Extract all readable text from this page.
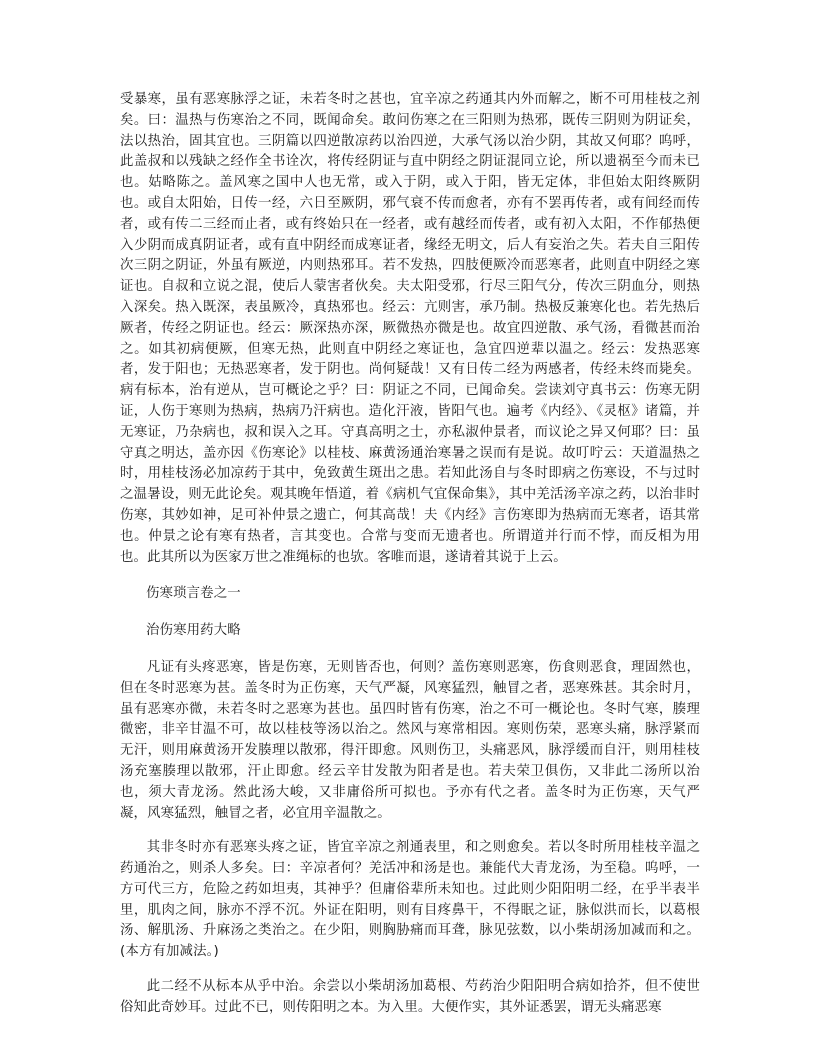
受暴寒，虽有恶寒脉浮之证，未若冬时之甚也，宜辛凉之药通其内外而解之，断不可用桂枝之剂矣。曰：温热与伤寒治之不同，既闻命矣。敢问伤寒之在三阳则为热邪，既传三阴则为阴证矣，法以热治，固其宜也。三阴篇以四逆散凉药以治四逆，大承气汤以治少阴，其故又何耶？呜呼，此盖叔和以残缺之经作全书诠次，将传经阴证与直中阴经之阴证混同立论，所以遗祸至今而未已也。姑略陈之。盖风寒之国中人也无常，或入于阴，或入于阳，皆无定体，非但始太阳终厥阴也。或自太阳始，日传一经，六日至厥阴，邪气衰不传而愈者，亦有不罢再传者，或有间经而传者，或有传二三经而止者，或有终始只在一经者，或有越经而传者，或有初入太阳，不作郁热便入少阴而成真阴证者，或有直中阴经而成寒证者，缘经无明文，后人有妄治之失。若夫自三阳传次三阴之阴证，外虽有厥逆，内则热邪耳。若不发热，四肢便厥冷而恶寒者，此则直中阴经之寒证也。自叔和立说之混，使后人蒙害者伙矣。夫太阳受邪，行尽三阳气分，传次三阴血分，则热入深矣。热入既深，表虽厥冷，真热邪也。经云：亢则害，承乃制。热极反兼寒化也。若先热后厥者，传经之阴证也。经云：厥深热亦深，厥微热亦微是也。故宜四逆散、承气汤，看微甚而治之。如其初病便厥，但寒无热，此则直中阴经之寒证也，急宜四逆辈以温之。经云：发热恶寒者，发于阳也；无热恶寒者，发于阴也。尚何疑哉！又有日传二经为两感者，传经未终而毙矣。病有标本，治有逆从，岂可概论之乎？曰：阴证之不同，已闻命矣。尝读刘守真书云：伤寒无阴证，人伤于寒则为热病，热病乃汗病也。造化汗液，皆阳气也。遍考《内经》、《灵枢》诸篇，并无寒证，乃杂病也，叔和误入之耳。守真高明之士，亦私淑仲景者，而议论之异又何耶？曰：虽守真之明达，盖亦因《伤寒论》以桂枝、麻黄汤通治寒暑之误而有是说。故叮咛云：天道温热之时，用桂枝汤必加凉药于其中，免致黄生斑出之患。若知此汤自与冬时即病之伤寒设，不与过时之温暑设，则无此论矣。观其晚年悟道，着《病机气宜保命集》，其中羌活汤辛凉之药，以治非时伤寒，其妙如神，足可补仲景之遗亡，何其高哉！夫《内经》言伤寒即为热病而无寒者，语其常也。仲景之论有寒有热者，言其变也。合常与变而无遗者也。所谓道并行而不悖，而反相为用也。此其所以为医家万世之准绳标的也欤。客唯而退，遂请着其说于上云。

伤寒琐言卷之一

治伤寒用药大略

凡证有头疼恶寒，皆是伤寒，无则皆否也，何则？盖伤寒则恶寒，伤食则恶食，理固然也，但在冬时恶寒为甚。盖冬时为正伤寒，天气严凝，风寒猛烈，触冒之者，恶寒殊甚。其余时月，虽有恶寒亦微，未若冬时之恶寒为甚也。虽四时皆有伤寒，治之不可一概论也。冬时气寒，腠理微密，非辛甘温不可，故以桂枝等汤以治之。然风与寒常相因。寒则伤荣，恶寒头痛，脉浮紧而无汗，则用麻黄汤开发腠理以散邪，得汗即愈。风则伤卫，头痛恶风，脉浮缓而自汗，则用桂枝汤充塞腠理以散邪，汗止即愈。经云辛甘发散为阳者是也。若夫荣卫俱伤，又非此二汤所以治也，须大青龙汤。然此汤大峻，又非庸俗所可拟也。予亦有代之者。盖冬时为正伤寒，天气严凝，风寒猛烈，触冒之者，必宜用辛温散之。

其非冬时亦有恶寒头疼之证，皆宜辛凉之剂通表里，和之则愈矣。若以冬时所用桂枝辛温之药通治之，则杀人多矣。曰：辛凉者何？羌活冲和汤是也。兼能代大青龙汤，为至稳。呜呼，一方可代三方，危险之药如坦夷，其神乎？但庸俗辈所未知也。过此则少阳阳明二经，在乎半表半里，肌肉之间，脉亦不浮不沉。外证在阳明，则有目疼鼻干，不得眠之证，脉似洪而长，以葛根汤、解肌汤、升麻汤之类治之。在少阳，则胸胁痛而耳聋，脉见弦数，以小柴胡汤加减而和之。(本方有加减法。)

此二经不从标本从乎中治。余尝以小柴胡汤加葛根、芍药治少阳阳明合病如拾芥，但不使世俗知此奇妙耳。过此不已，则传阳明之本。为入里。大便作实，其外证悉罢，谓无头痛恶寒
